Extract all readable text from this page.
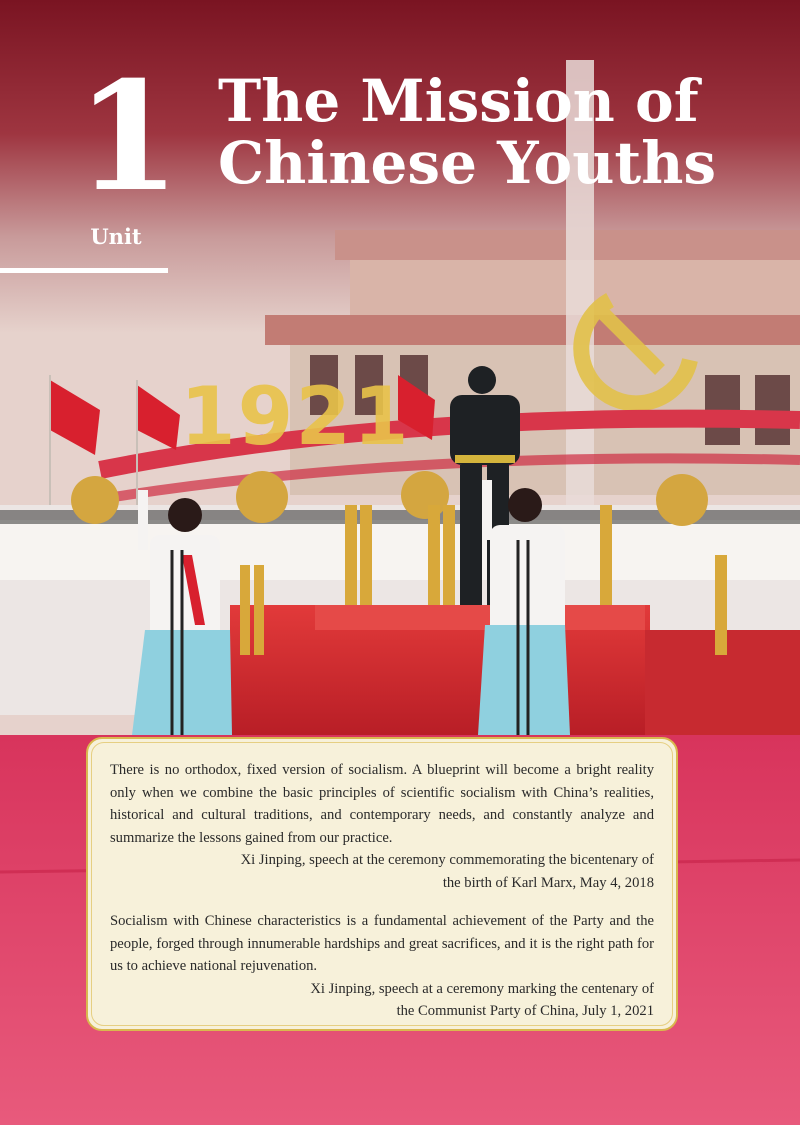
1921
1
Unit
The Mission of
Chinese Youths

There is no orthodox, fixed version of socialism. A blueprint will become a bright reality only when we combine the basic principles of scientific socialism with China’s realities, historical and cultural traditions, and contemporary needs, and constantly analyze and summarize the lessons gained from our practice.

Xi Jinping, speech at the ceremony commemorating the bicentenary of
the birth of Karl Marx, May 4, 2018

Socialism with Chinese characteristics is a fundamental achievement of the Party and the people, forged through innumerable hardships and great sacrifices, and it is the right path for us to achieve national rejuvenation.

Xi Jinping, speech at a ceremony marking the centenary of
the Communist Party of China, July 1, 2021
